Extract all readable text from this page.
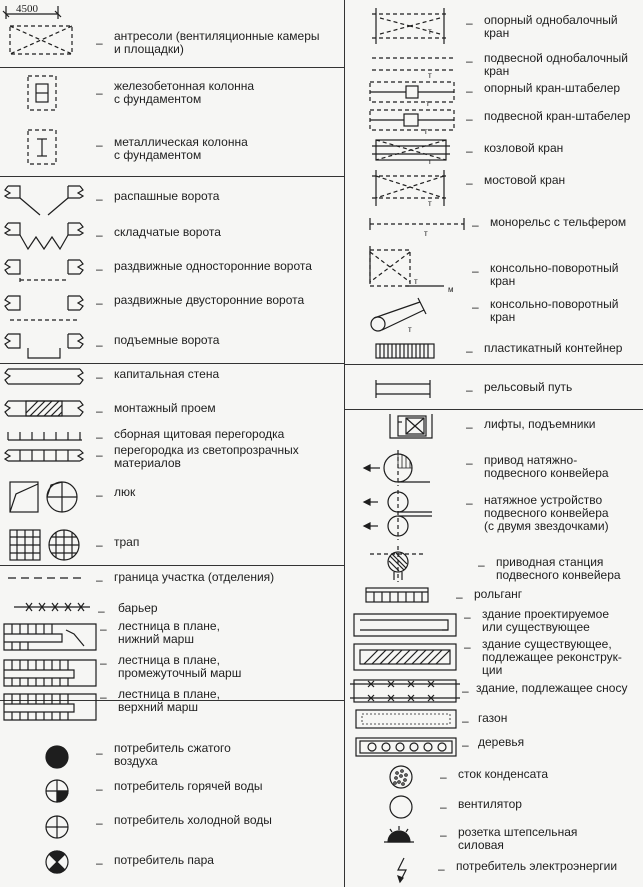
4500
т
т
т
т
т
т
т
т
м
т
– антресоли (вентиляционные камеры
и площадки)
– железобетонная колонна
с фундаментом
– металлическая колонна
с фундаментом
– распашные ворота
– складчатые ворота
– раздвижные односторонние ворота
– раздвижные двусторонние ворота
– подъемные ворота
– капитальная стена
– монтажный проем
– сборная щитовая перегородка
– перегородка из светопрозрачных
материалов
– люк
– трап
– граница участка (отделения)
– барьер
– лестница в плане,
нижний марш
– лестница в плане,
промежуточный марш
– лестница в плане,
верхний марш
– потребитель сжатого
воздуха
– потребитель горячей воды
– потребитель холодной воды
– потребитель пара
– опорный однобалочный
кран
– подвесной однобалочный
кран
– опорный кран-штабелер
– подвесной кран-штабелер
– козловой кран
– мостовой кран
– монорельс с тельфером
– консольно-поворотный
кран
– консольно-поворотный
кран
– пластикатный контейнер
– рельсовый путь
– лифты, подъемники
– привод натяжно-
подвесного конвейера
– натяжное устройство
подвесного конвейера
(с двумя звездочками)
– приводная станция
подвесного конвейера
– рольганг
– здание проектируемое
или существующее
– здание существующее,
подлежащее реконструк-
ции
– здание, подлежащее сносу
– газон
– деревья
– сток конденсата
– вентилятор
– розетка штепсельная
силовая
– потребитель электроэнергии
